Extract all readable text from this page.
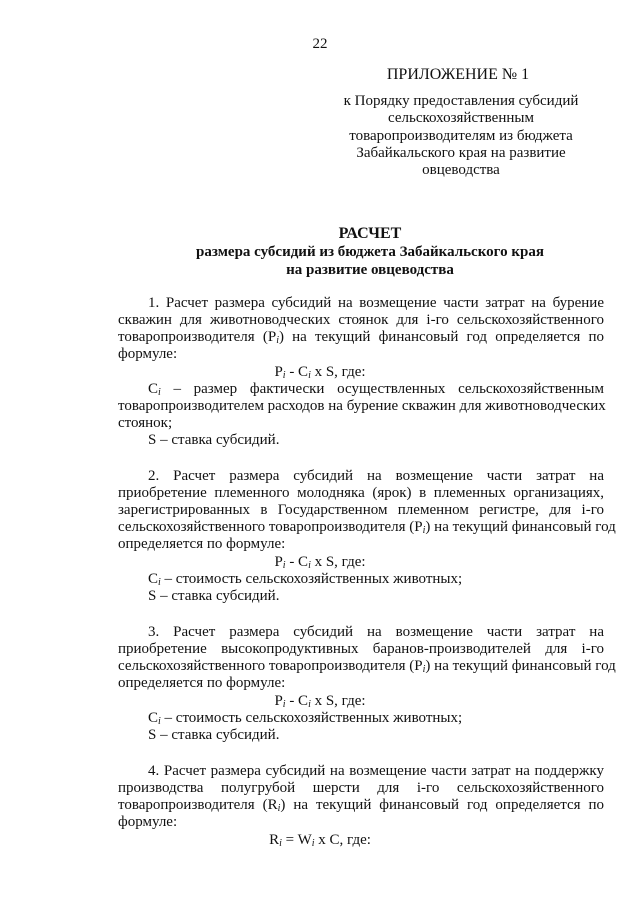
22
ПРИЛОЖЕНИЕ № 1
к Порядку предоставления субсидий
сельскохозяйственным
товаропроизводителям из бюджета
Забайкальского края на развитие
овцеводства
РАСЧЕТ
размера субсидий из бюджета Забайкальского края
на развитие овцеводства
1. Расчет размера субсидий на возмещение части затрат на бурение
скважин для животноводческих стоянок для i-го сельскохозяйственного
товаропроизводителя $(P_i)$ на текущий финансовый год определяется по
формуле:
$P_i - C_i$ x S, где:
$C_i$ – размер фактически осуществленных сельскохозяйственным
товаропроизводителем расходов на бурение скважин для животноводческих
стоянок;
S – ставка субсидий.
2. Расчет размера субсидий на возмещение части затрат на
приобретение племенного молодняка (ярок) в племенных организациях,
зарегистрированных в Государственном племенном регистре, для i-го
сельскохозяйственного товаропроизводителя $(P_i)$ на текущий финансовый год
определяется по формуле:
$P_i - C_i$ x S, где:
$C_i$ – стоимость сельскохозяйственных животных;
S – ставка субсидий.
3. Расчет размера субсидий на возмещение части затрат на
приобретение высокопродуктивных баранов-производителей для i-го
сельскохозяйственного товаропроизводителя $(P_i)$ на текущий финансовый год
определяется по формуле:
$P_i - C_i$ x S, где:
$C_i$ – стоимость сельскохозяйственных животных;
S – ставка субсидий.
4. Расчет размера субсидий на возмещение части затрат на поддержку
производства полугрубой шерсти для i-го сельскохозяйственного
товаропроизводителя $(R_i)$ на текущий финансовый год определяется по
формуле:
$R_i = W_i$ x C, где:
